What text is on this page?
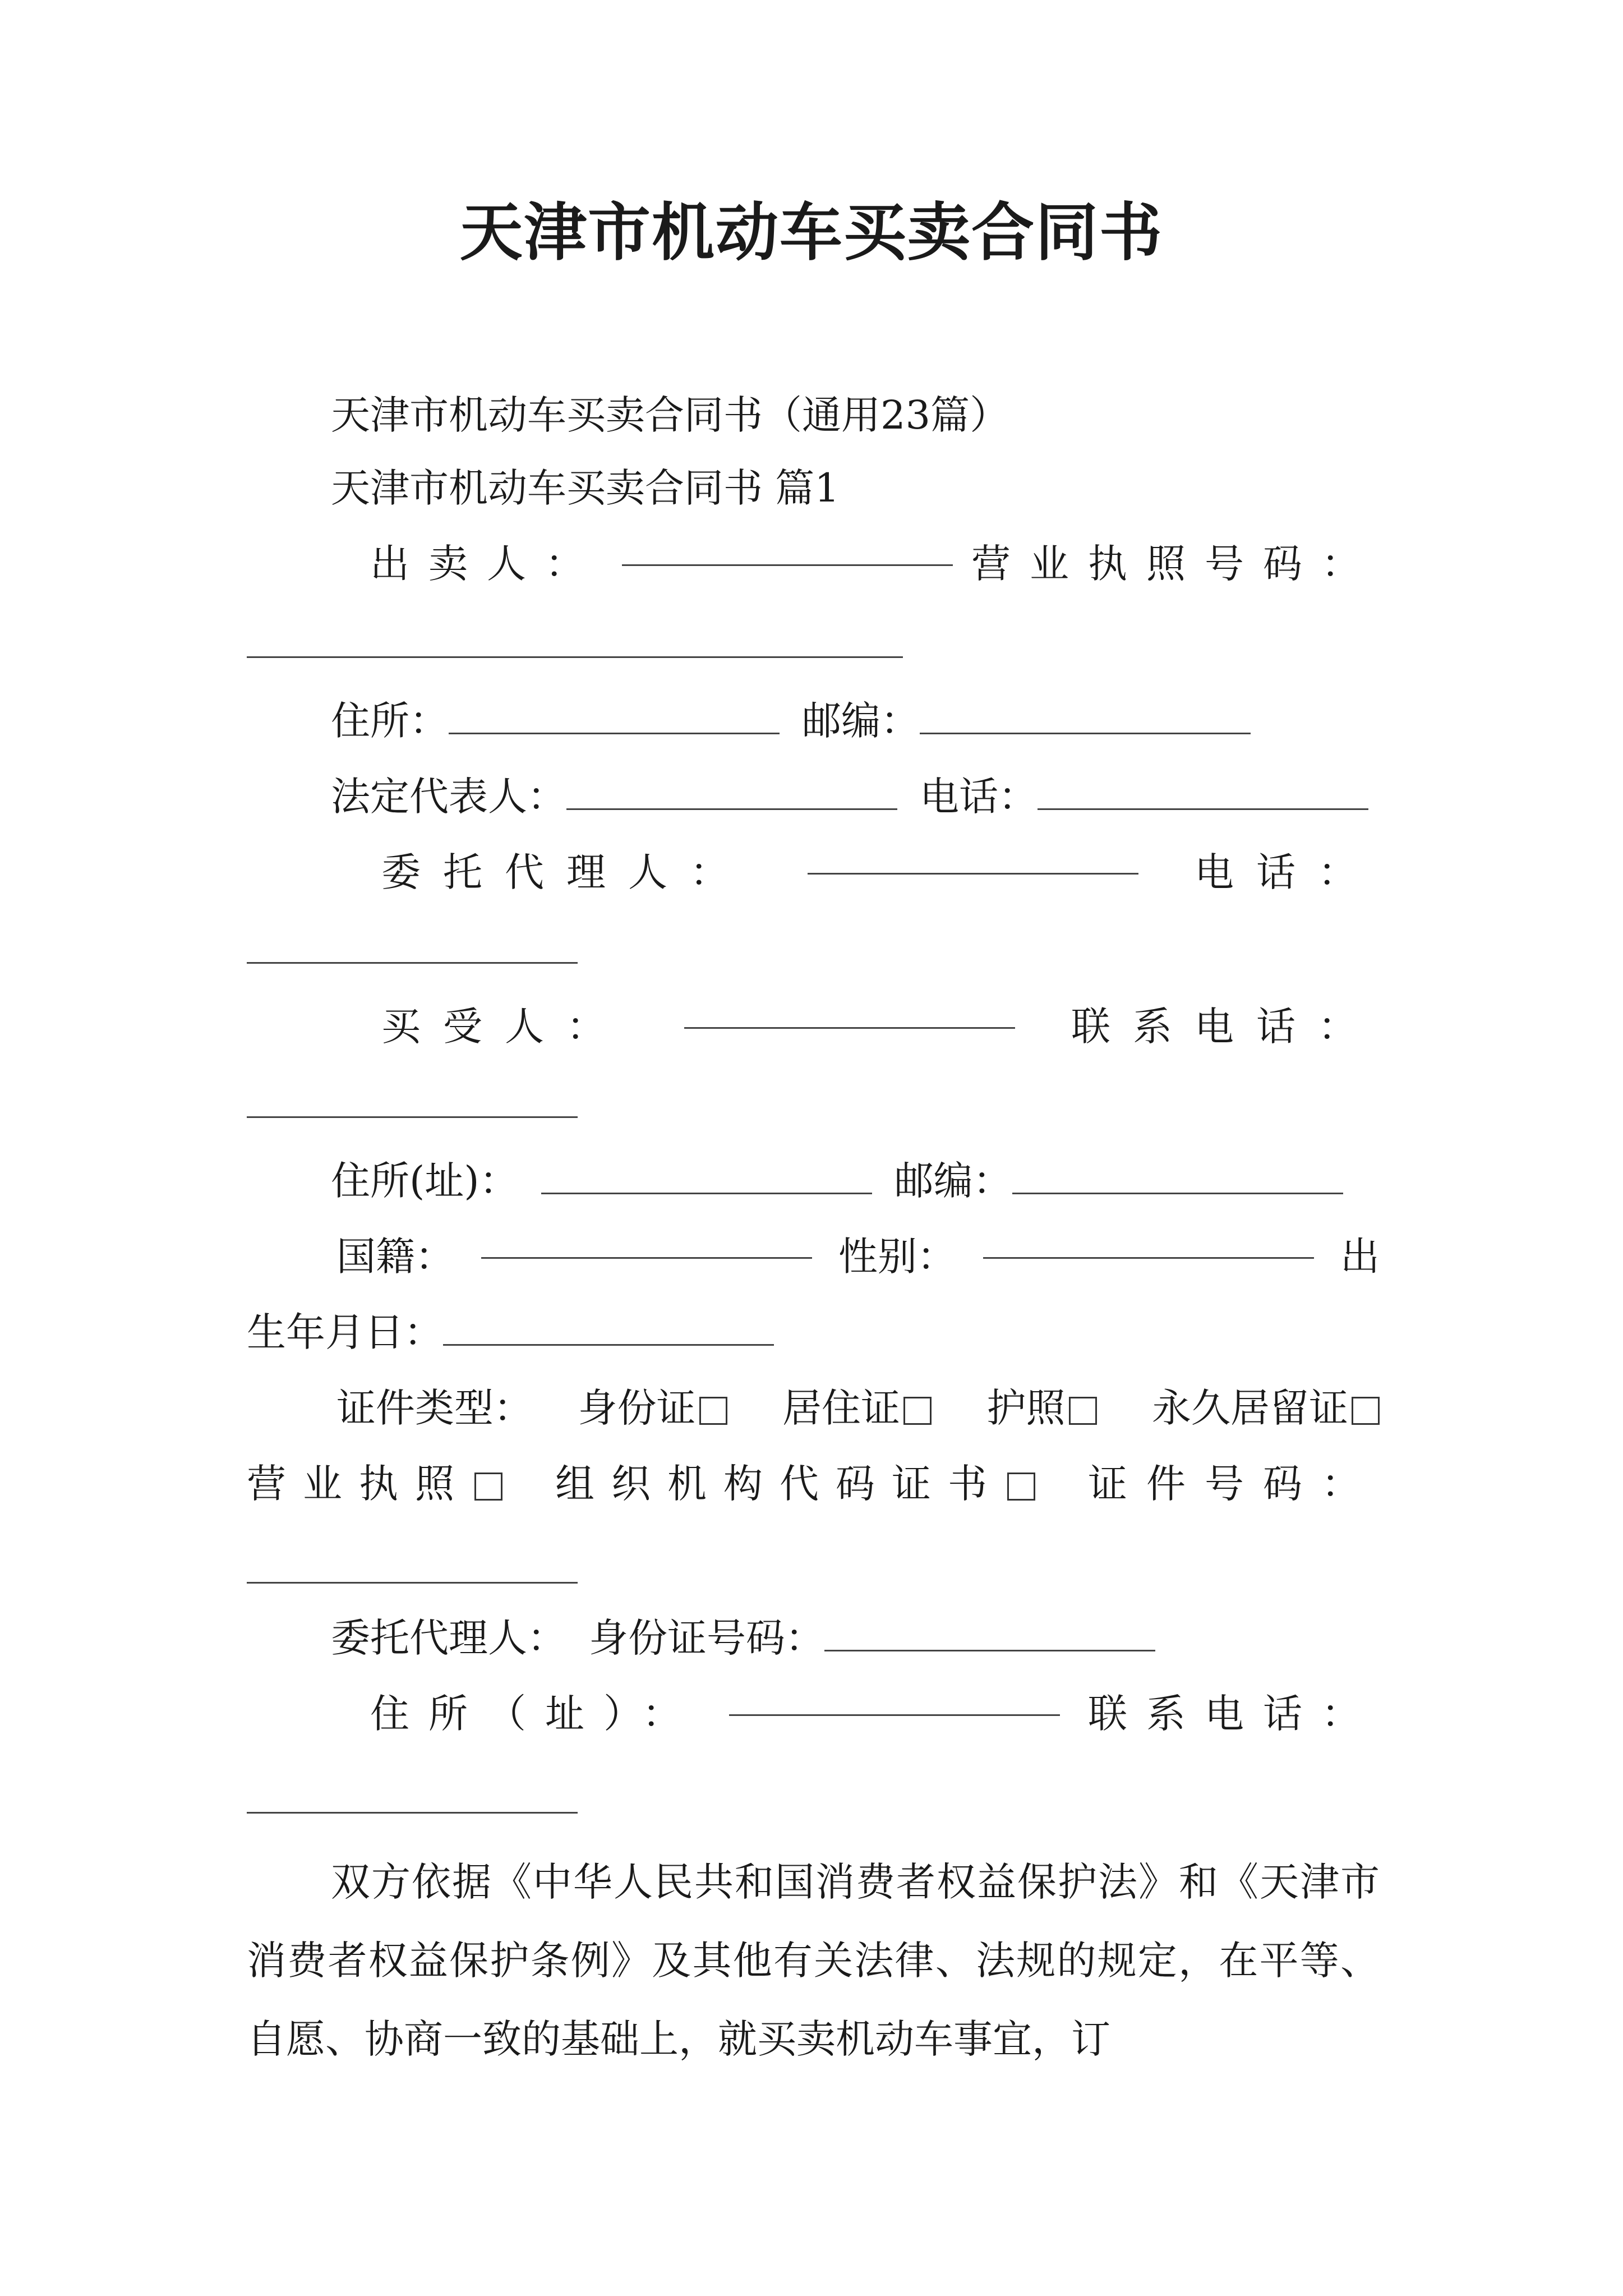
天津市机动车买卖合同书
天津市机动车买卖合同书（通用23篇）
天津市机动车买卖合同书 篇1
出卖人：	营业执照号码：
住所：	邮编：
法定代表人：	电话：
委托代理人：	电话：
买受人：	联系电话：
住所(址)：	邮编：
国籍：	性别：	出
生年月日：
证件类型： 身份证	居住证	护照	永久居留证
营业执照	组织机构代码证书	证件号码：
委托代理人： 身份证号码：
住所（址）：	联系电话：
双方依据《中华人民共和国消费者权益保护法》和《天津市消费者权益保护条例》及其他有关法律、法规的规定，在平等、自愿、协商一致的基础上，就买卖机动车事宜，订
